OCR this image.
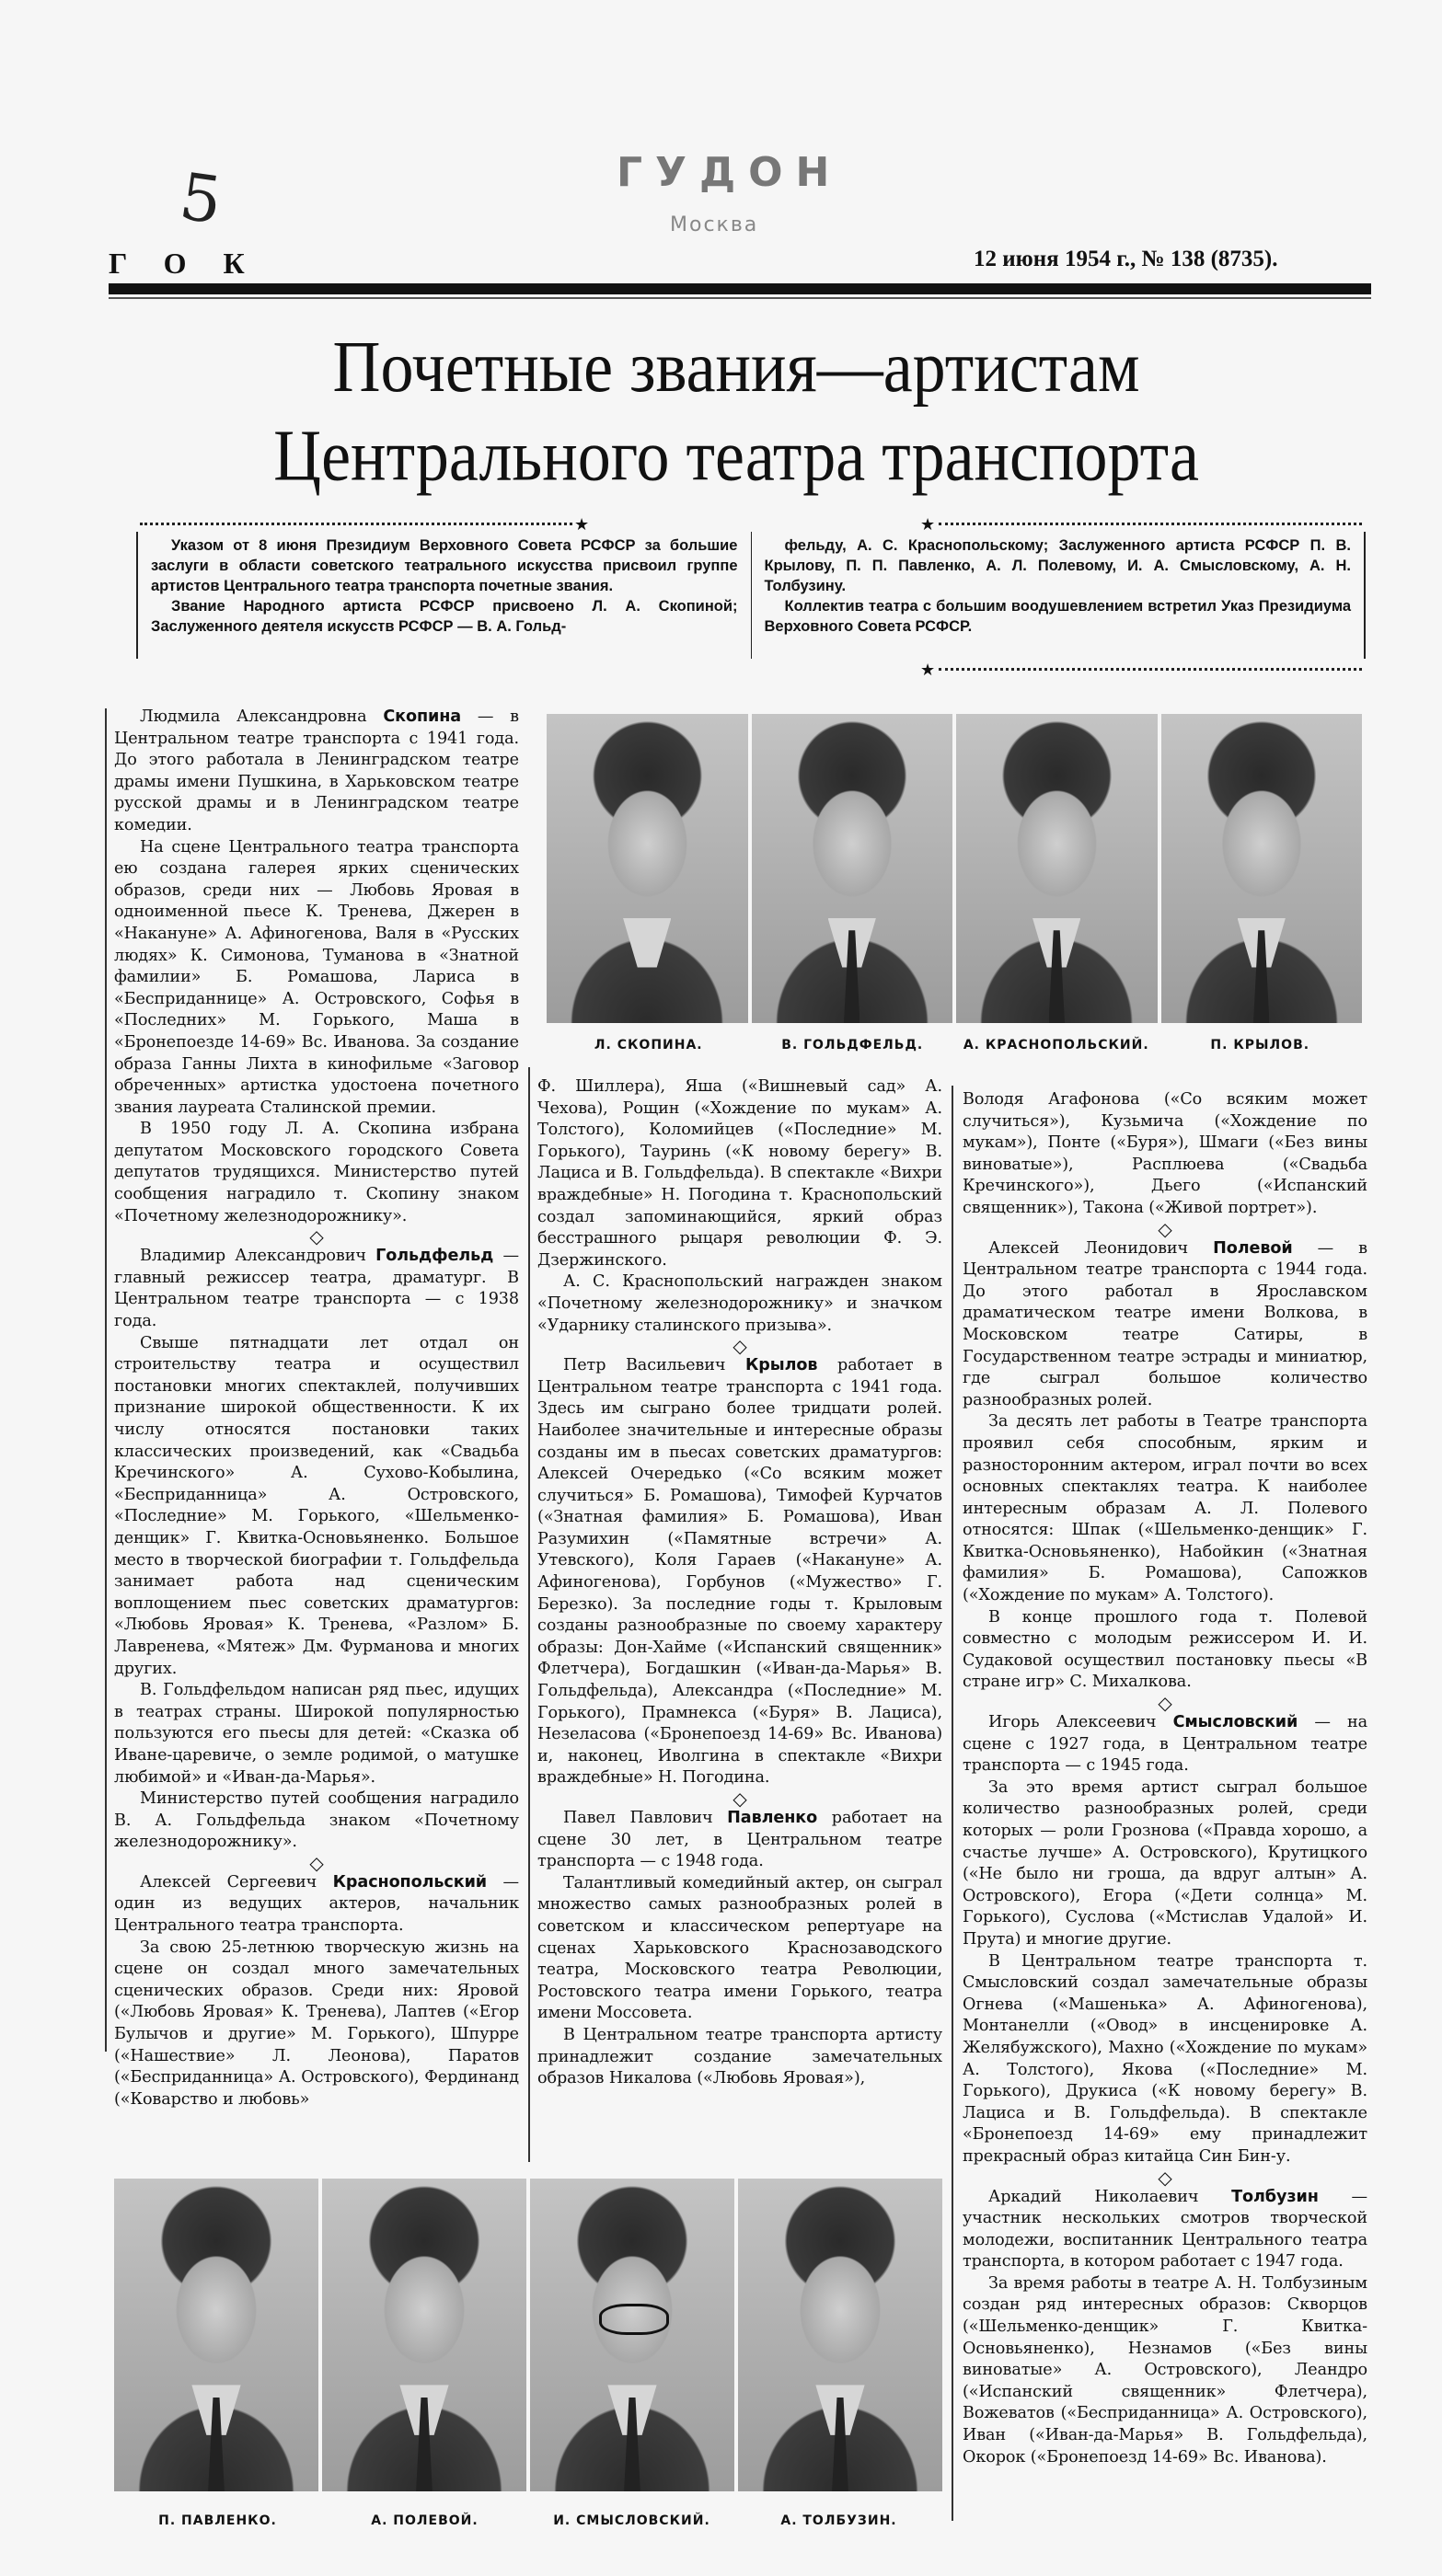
5	ГУДОН
Москва
ГОК	12 июня 1954 г., № 138 (8735).
Почетные звания—артистам
Центрального театра транспорта
★	★

Указом от 8 июня Президиум Верховного Совета РСФСР за большие заслуги в области советского театрального искусства присвоил группе артистов Центрального театра транспорта почетные звания.

Звание Народного артиста РСФСР присвоено Л. А. Скопиной; Заслуженного деятеля искусств РСФСР — В. А. Гольд-

фельду, А. С. Краснопольскому; Заслуженного артиста РСФСР П. В. Крылову, П. П. Павленко, А. Л. Полевому, И. А. Смысловскому, А. Н. Толбузину.

Коллектив театра с большим воодушевлением встретил Указ Президиума Верховного Совета РСФСР.

★
Л. СКОПИНА.	В. ГОЛЬДФЕЛЬД.	А. КРАСНОПОЛЬСКИЙ.	П. КРЫЛОВ.

Людмила Александровна Скопина — в Центральном театре транспорта с 1941 года. До этого работала в Ленинградском театре драмы имени Пушкина, в Харьковском театре русской драмы и в Ленинградском театре комедии.

На сцене Центрального театра транспорта ею создана галерея ярких сценических образов, среди них — Любовь Яровая в одноименной пьесе К. Тренева, Джерен в «Накануне» А. Афиногенова, Валя в «Русских людях» К. Симонова, Туманова в «Знатной фамилии» Б. Ромашова, Лариса в «Бесприданнице» А. Островского, Софья в «Последних» М. Горького, Маша в «Бронепоезде 14-69» Вс. Иванова. За создание образа Ганны Лихта в кинофильме «Заговор обреченных» артистка удостоена почетного звания лауреата Сталинской премии.

В 1950 году Л. А. Скопина избрана депутатом Московского городского Совета депутатов трудящихся. Министерство путей сообщения наградило т. Скопину знаком «Почетному железнодорожнику».

◇

Владимир Александрович Гольдфельд — главный режиссер театра, драматург. В Центральном театре транспорта — с 1938 года.

Свыше пятнадцати лет отдал он строительству театра и осуществил постановки многих спектаклей, получивших признание широкой общественности. К их числу относятся постановки таких классических произведений, как «Свадьба Кречинского» А. Сухово-Кобылина, «Бесприданница» А. Островского, «Последние» М. Горького, «Шельменко-денщик» Г. Квитка-Основьяненко. Большое место в творческой биографии т. Гольдфельда занимает работа над сценическим воплощением пьес советских драматургов: «Любовь Яровая» К. Тренева, «Разлом» Б. Лавренева, «Мятеж» Дм. Фурманова и многих других.

В. Гольдфельдом написан ряд пьес, идущих в театрах страны. Широкой популярностью пользуются его пьесы для детей: «Сказка об Иване-царевиче, о земле родимой, о матушке любимой» и «Иван-да-Марья».

Министерство путей сообщения наградило В. А. Гольдфельда знаком «Почетному железнодорожнику».

◇

Алексей Сергеевич Краснопольский — один из ведущих актеров, начальник Центрального театра транспорта.

За свою 25-летнюю творческую жизнь на сцене он создал много замечательных сценических образов. Среди них: Яровой («Любовь Яровая» К. Тренева), Лаптев («Егор Булычов и другие» М. Горького), Шпурре («Нашествие» Л. Леонова), Паратов («Бесприданница» А. Островского), Фердинанд («Коварство и любовь»

Ф. Шиллера), Яша («Вишневый сад» А. Чехова), Рощин («Хождение по мукам» А. Толстого), Коломийцев («Последние» М. Горького), Тауринь («К новому берегу» В. Лациса и В. Гольдфельда). В спектакле «Вихри враждебные» Н. Погодина т. Краснопольский создал запоминающийся, яркий образ бесстрашного рыцаря революции Ф. Э. Дзержинского.

А. С. Краснопольский награжден знаком «Почетному железнодорожнику» и значком «Ударнику сталинского призыва».

◇

Петр Васильевич Крылов работает в Центральном театре транспорта с 1941 года. Здесь им сыграно более тридцати ролей. Наиболее значительные и интересные образы созданы им в пьесах советских драматургов: Алексей Очередько («Со всяким может случиться» Б. Ромашова), Тимофей Курчатов («Знатная фамилия» Б. Ромашова), Иван Разумихин («Памятные встречи» А. Утевского), Коля Гараев («Накануне» А. Афиногенова), Горбунов («Мужество» Г. Березко). За последние годы т. Крыловым созданы разнообразные по своему характеру образы: Дон-Хайме («Испанский священник» Флетчера), Богдашкин («Иван-да-Марья» В. Гольдфельда), Александра («Последние» М. Горького), Прамнекса («Буря» В. Лациса), Незеласова («Бронепоезд 14-69» Вс. Иванова) и, наконец, Иволгина в спектакле «Вихри враждебные» Н. Погодина.

◇

Павел Павлович Павленко работает на сцене 30 лет, в Центральном театре транспорта — с 1948 года.

Талантливый комедийный актер, он сыграл множество самых разнообразных ролей в советском и классическом репертуаре на сценах Харьковского Краснозаводского театра, Московского театра Революции, Ростовского театра имени Горького, театра имени Моссовета.

В Центральном театре транспорта артисту принадлежит создание замечательных образов Никалова («Любовь Яровая»),

Володя Агафонова («Со всяким может случиться»), Кузьмича («Хождение по мукам»), Понте («Буря»), Шмаги («Без вины виноватые»), Расплюева («Свадьба Кречинского»), Дьего («Испанский священник»), Такона («Живой портрет»).

◇

Алексей Леонидович Полевой — в Центральном театре транспорта с 1944 года. До этого работал в Ярославском драматическом театре имени Волкова, в Московском театре Сатиры, в Государственном театре эстрады и миниатюр, где сыграл большое количество разнообразных ролей.

За десять лет работы в Театре транспорта проявил себя способным, ярким и разносторонним актером, играл почти во всех основных спектаклях театра. К наиболее интересным образам А. Л. Полевого относятся: Шпак («Шельменко-денщик» Г. Квитка-Основьяненко), Набойкин («Знатная фамилия» Б. Ромашова), Сапожков («Хождение по мукам» А. Толстого).

В конце прошлого года т. Полевой совместно с молодым режиссером И. И. Судаковой осуществил постановку пьесы «В стране игр» С. Михалкова.

◇

Игорь Алексеевич Смысловский — на сцене с 1927 года, в Центральном театре транспорта — с 1945 года.

За это время артист сыграл большое количество разнообразных ролей, среди которых — роли Грознова («Правда хорошо, а счастье лучше» А. Островского), Крутицкого («Не было ни гроша, да вдруг алтын» А. Островского), Егора («Дети солнца» М. Горького), Суслова («Мстислав Удалой» И. Прута) и многие другие.

В Центральном театре транспорта т. Смысловский создал замечательные образы Огнева («Машенька» А. Афиногенова), Монтанелли («Овод» в инсценировке А. Желябужского), Махно («Хождение по мукам» А. Толстого), Якова («Последние» М. Горького), Друкиса («К новому берегу» В. Лациса и В. Гольдфельда). В спектакле «Бронепоезд 14-69» ему принадлежит прекрасный образ китайца Син Бин-у.

◇

Аркадий Николаевич Толбузин — участник нескольких смотров творческой молодежи, воспитанник Центрального театра транспорта, в котором работает с 1947 года.

За время работы в театре А. Н. Толбузиным создан ряд интересных образов: Скворцов («Шельменко-денщик» Г. Квитка-Основьяненко), Незнамов («Без вины виноватые» А. Островского), Леандро («Испанский священник» Флетчера), Вожеватов («Бесприданница» А. Островского), Иван («Иван-да-Марья» В. Гольдфельда), Окорок («Бронепоезд 14-69» Вс. Иванова).

П. ПАВЛЕНКО.	А. ПОЛЕВОЙ.	И. СМЫСЛОВСКИЙ.	А. ТОЛБУЗИН.
